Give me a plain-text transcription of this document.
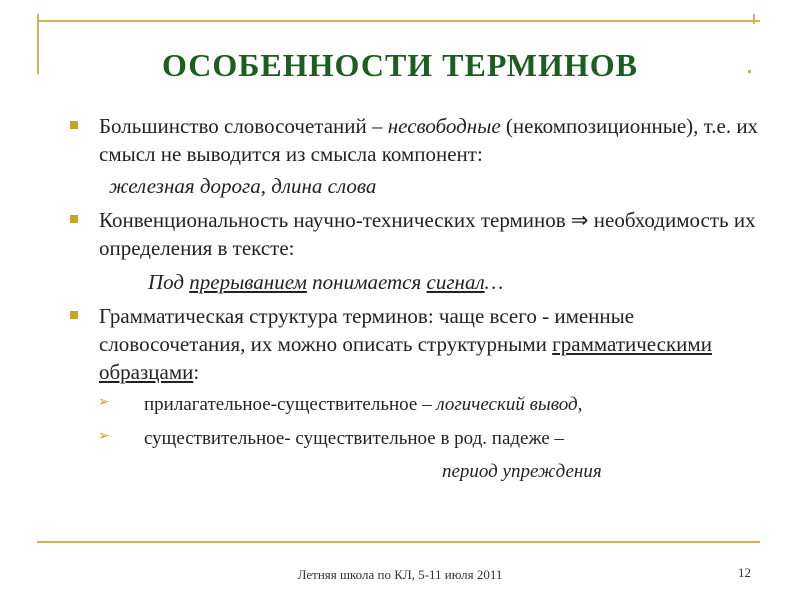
ОСОБЕННОСТИ ТЕРМИНОВ
Большинство словосочетаний – несвободные (некомпозиционные), т.е. их смысл не выводится из смысла компонент:
железная дорога, длина слова
Конвенциональность научно-технических терминов ⇒ необходимость их определения в тексте:
Под прерыванием понимается сигнал…
Грамматическая структура терминов: чаще всего - именные словосочетания, их можно описать структурными грамматическими образцами:
➢ прилагательное-существительное – логический вывод,
➢ существительное- существительное в род. падеже –
период упреждения
Летняя школа по КЛ, 5-11 июля 2011	12
